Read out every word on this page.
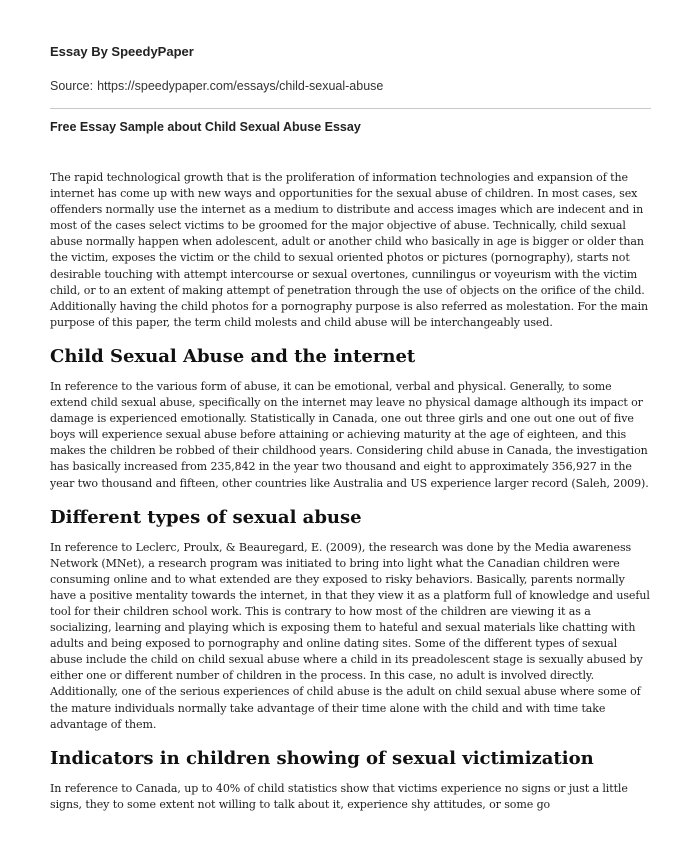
Essay By SpeedyPaper
Source: https://speedypaper.com/essays/child-sexual-abuse
Free Essay Sample about Child Sexual Abuse Essay

The rapid technological growth that is the proliferation of information technologies and expansion of the internet has come up with new ways and opportunities for the sexual abuse of children. In most cases, sex offenders normally use the internet as a medium to distribute and access images which are indecent and in most of the cases select victims to be groomed for the major objective of abuse. Technically, child sexual abuse normally happen when adolescent, adult or another child who basically in age is bigger or older than the victim, exposes the victim or the child to sexual oriented photos or pictures (pornography), starts not desirable touching with attempt intercourse or sexual overtones, cunnilingus or voyeurism with the victim child, or to an extent of making attempt of penetration through the use of objects on the orifice of the child. Additionally having the child photos for a pornography purpose is also referred as molestation. For the main purpose of this paper, the term child molests and child abuse will be interchangeably used.

Child Sexual Abuse and the internet

In reference to the various form of abuse, it can be emotional, verbal and physical. Generally, to some extend child sexual abuse, specifically on the internet may leave no physical damage although its impact or damage is experienced emotionally. Statistically in Canada, one out three girls and one out one out of five boys will experience sexual abuse before attaining or achieving maturity at the age of eighteen, and this makes the children be robbed of their childhood years. Considering child abuse in Canada, the investigation has basically increased from 235,842 in the year two thousand and eight to approximately 356,927 in the year two thousand and fifteen, other countries like Australia and US experience larger record (Saleh, 2009).

Different types of sexual abuse

In reference to Leclerc, Proulx, & Beauregard, E. (2009), the research was done by the Media awareness Network (MNet), a research program was initiated to bring into light what the Canadian children were consuming online and to what extended are they exposed to risky behaviors. Basically, parents normally have a positive mentality towards the internet, in that they view it as a platform full of knowledge and useful tool for their children school work. This is contrary to how most of the children are viewing it as a socializing, learning and playing which is exposing them to hateful and sexual materials like chatting with adults and being exposed to pornography and online dating sites. Some of the different types of sexual abuse include the child on child sexual abuse where a child in its preadolescent stage is sexually abused by either one or different number of children in the process. In this case, no adult is involved directly. Additionally, one of the serious experiences of child abuse is the adult on child sexual abuse where some of the mature individuals normally take advantage of their time alone with the child and with time take advantage of them.

Indicators in children showing of sexual victimization

In reference to Canada, up to 40% of child statistics show that victims experience no signs or just a little signs, they to some extent not willing to talk about it, experience shy attitudes, or some go
